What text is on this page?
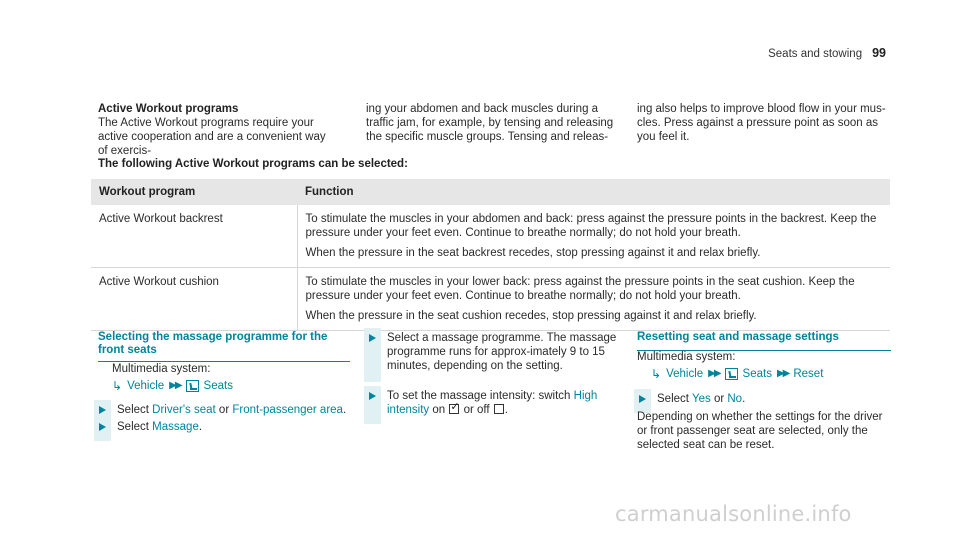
Seats and stowing 99

Active Workout programs

The Active Workout programs require your active cooperation and are a convenient way of exercis-

ing your abdomen and back muscles during a traffic jam, for example, by tensing and releasing the specific muscle groups. Tensing and releas-

ing also helps to improve blood flow in your mus-cles. Press against a pressure point as soon as you feel it.

The following Active Workout programs can be selected:
Workout program	Function
Active Workout backrest	To stimulate the muscles in your abdomen and back: press against the pressure points in the backrest. Keep the pressure under your feet even. Continue to breathe normally; do not hold your breath.

When the pressure in the seat backrest recedes, stop pressing against it and relax briefly.

Active Workout cushion	To stimulate the muscles in your lower back: press against the pressure points in the seat cushion. Keep the pressure under your feet even. Continue to breathe normally; do not hold your breath.

When the pressure in the seat cushion recedes, stop pressing against it and relax briefly.

Selecting the massage programme for the front seats
Multimedia system:
↳ Vehicle ▶▶ Seats
Select Driver's seat or Front-passenger area.
Select Massage.
Select a massage programme. The massage programme runs for approx-imately 9 to 15 minutes, depending on the setting.
To set the massage intensity: switch High intensity on ✓ or off .
Resetting seat and massage settings
Multimedia system:
↳ Vehicle ▶▶ Seats ▶▶ Reset
Select Yes or No.
Depending on whether the settings for the driver or front passenger seat are selected, only the selected seat can be reset.
carmanualsonline.info
